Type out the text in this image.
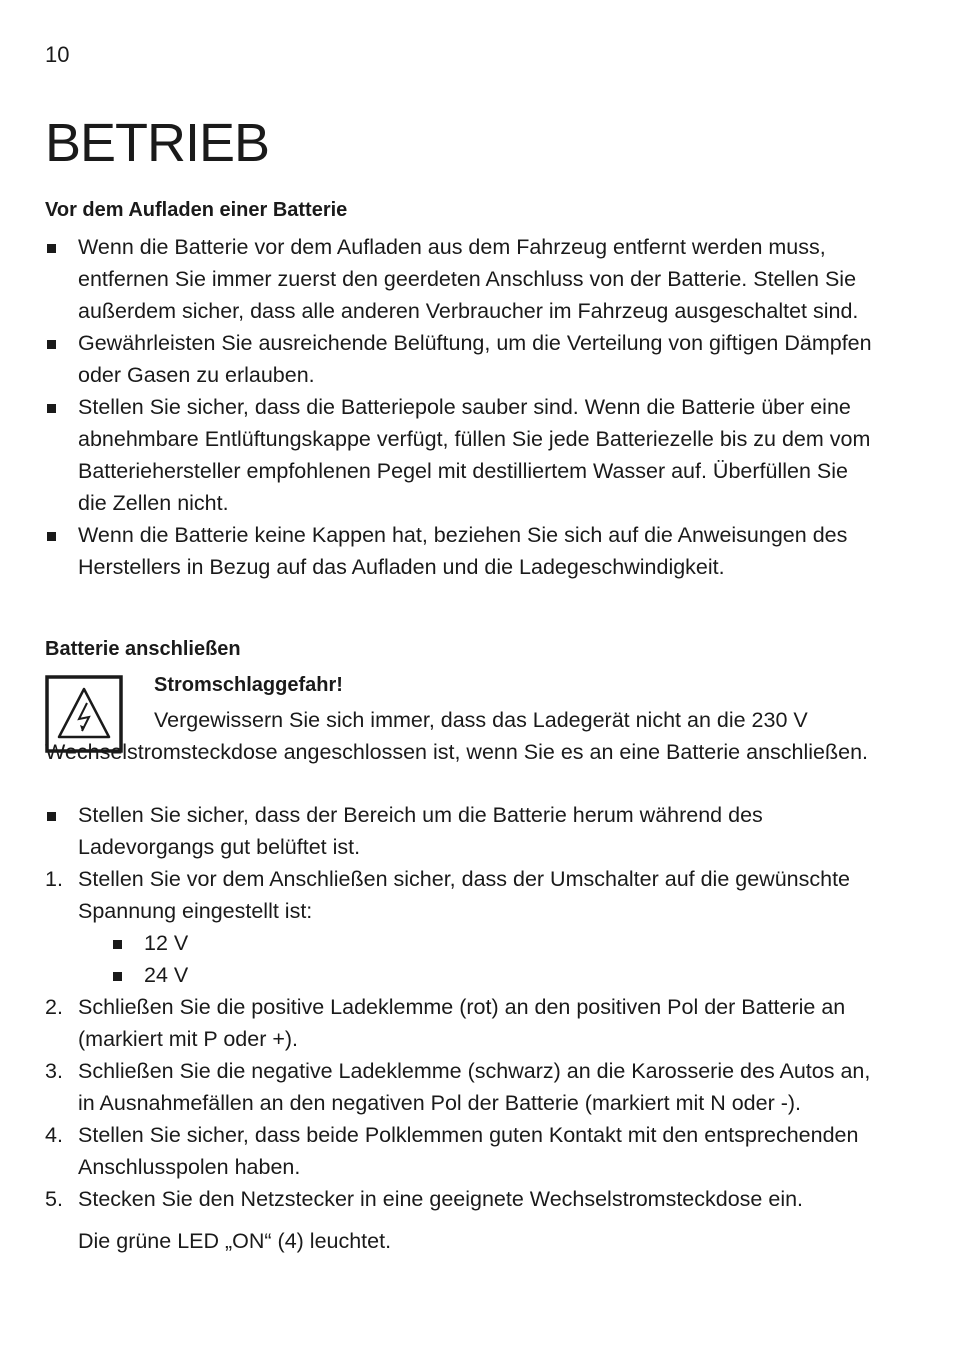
10
BETRIEB
Vor dem Aufladen einer Batterie
Wenn die Batterie vor dem Aufladen aus dem Fahrzeug entfernt werden muss, entfernen Sie immer zuerst den geerdeten Anschluss von der Batterie. Stellen Sie außerdem sicher, dass alle anderen Verbraucher im Fahrzeug ausgeschaltet sind.
Gewährleisten Sie ausreichende Belüftung, um die Verteilung von giftigen Dämpfen oder Gasen zu erlauben.
Stellen Sie sicher, dass die Batteriepole sauber sind. Wenn die Batterie über eine abnehmbare Entlüftungskappe verfügt, füllen Sie jede Batteriezelle bis zu dem vom Batteriehersteller empfohlenen Pegel mit destilliertem Wasser auf. Überfüllen Sie die Zellen nicht.
Wenn die Batterie keine Kappen hat, beziehen Sie sich auf die Anweisungen des Herstellers in Bezug auf das Aufladen und die Ladegeschwindigkeit.
Batterie anschließen
Stromschlaggefahr!
Vergewissern Sie sich immer, dass das Ladegerät nicht an die 230 V Wechselstromsteckdose angeschlossen ist, wenn Sie es an eine Batterie anschließen.
Stellen Sie sicher, dass der Bereich um die Batterie herum während des Ladevorgangs gut belüftet ist.
1. Stellen Sie vor dem Anschließen sicher, dass der Umschalter auf die gewünschte Spannung eingestellt ist:
12 V
24 V
2. Schließen Sie die positive Ladeklemme (rot) an den positiven Pol der Batterie an (markiert mit P oder +).
3. Schließen Sie die negative Ladeklemme (schwarz) an die Karosserie des Autos an, in Ausnahmefällen an den negativen Pol der Batterie (markiert mit N oder -).
4. Stellen Sie sicher, dass beide Polklemmen guten Kontakt mit den entsprechenden Anschlusspolen haben.
5. Stecken Sie den Netzstecker in eine geeignete Wechselstromsteckdose ein.
Die grüne LED „ON“ (4) leuchtet.
